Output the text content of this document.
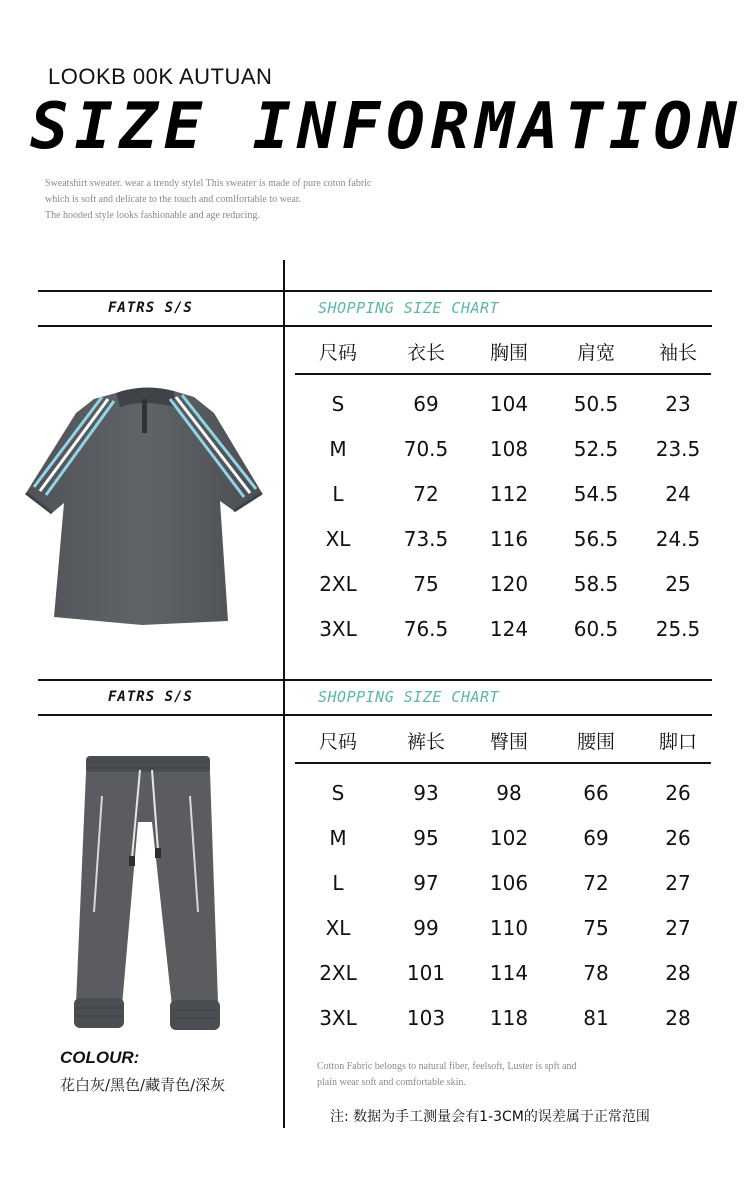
LOOKB 00K AUTUAN
SIZE INFORMATION
Sweatshirt sweater. wear a trendy stylel This sweater is made of pure coton fabric
which is soft and delicate to the touch and comlfortable to wear.
The hooded style looks fashionable and age reducing.
FATRS S/S	SHOPPING SIZE CHART
尺码	衣长	胸围	肩宽	袖长

S	69	104	50.5	23
M	70.5	108	52.5	23.5
L	72	112	54.5	24
XL	73.5	116	56.5	24.5
2XL	75	120	58.5	25
3XL	76.5	124	60.5	25.5
FATRS S/S	SHOPPING SIZE CHART
尺码	裤长	臀围	腰围	脚口

S	93	98	66	26
M	95	102	69	26
L	97	106	72	27
XL	99	110	75	27
2XL	101	114	78	28
3XL	103	118	81	28
COLOUR:
花白灰/黑色/藏青色/深灰
Cotton Fabric belongs to natural fiber, feelsoft, Luster is spft and
plain wear soft and comfortable skin.
注: 数据为手工测量会有1-3CM的误差属于正常范围
